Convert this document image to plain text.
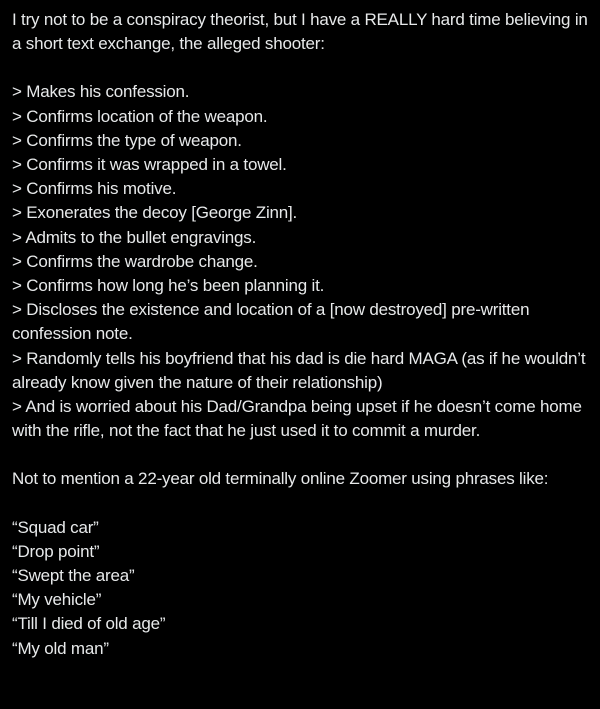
I try not to be a conspiracy theorist, but I have a REALLY hard time believing in a short text exchange, the alleged shooter:

> Makes his confession.
> Confirms location of the weapon.
> Confirms the type of weapon.
> Confirms it was wrapped in a towel.
> Confirms his motive.
> Exonerates the decoy [George Zinn].
> Admits to the bullet engravings.
> Confirms the wardrobe change.
> Confirms how long he’s been planning it.
> Discloses the existence and location of a [now destroyed] pre-written confession note.
> Randomly tells his boyfriend that his dad is die hard MAGA (as if he wouldn’t already know given the nature of their relationship)
> And is worried about his Dad/Grandpa being upset if he doesn’t come home with the rifle, not the fact that he just used it to commit a murder.

Not to mention a 22-year old terminally online Zoomer using phrases like:

“Squad car”
“Drop point”
“Swept the area”
“My vehicle”
“Till I died of old age”
“My old man”
